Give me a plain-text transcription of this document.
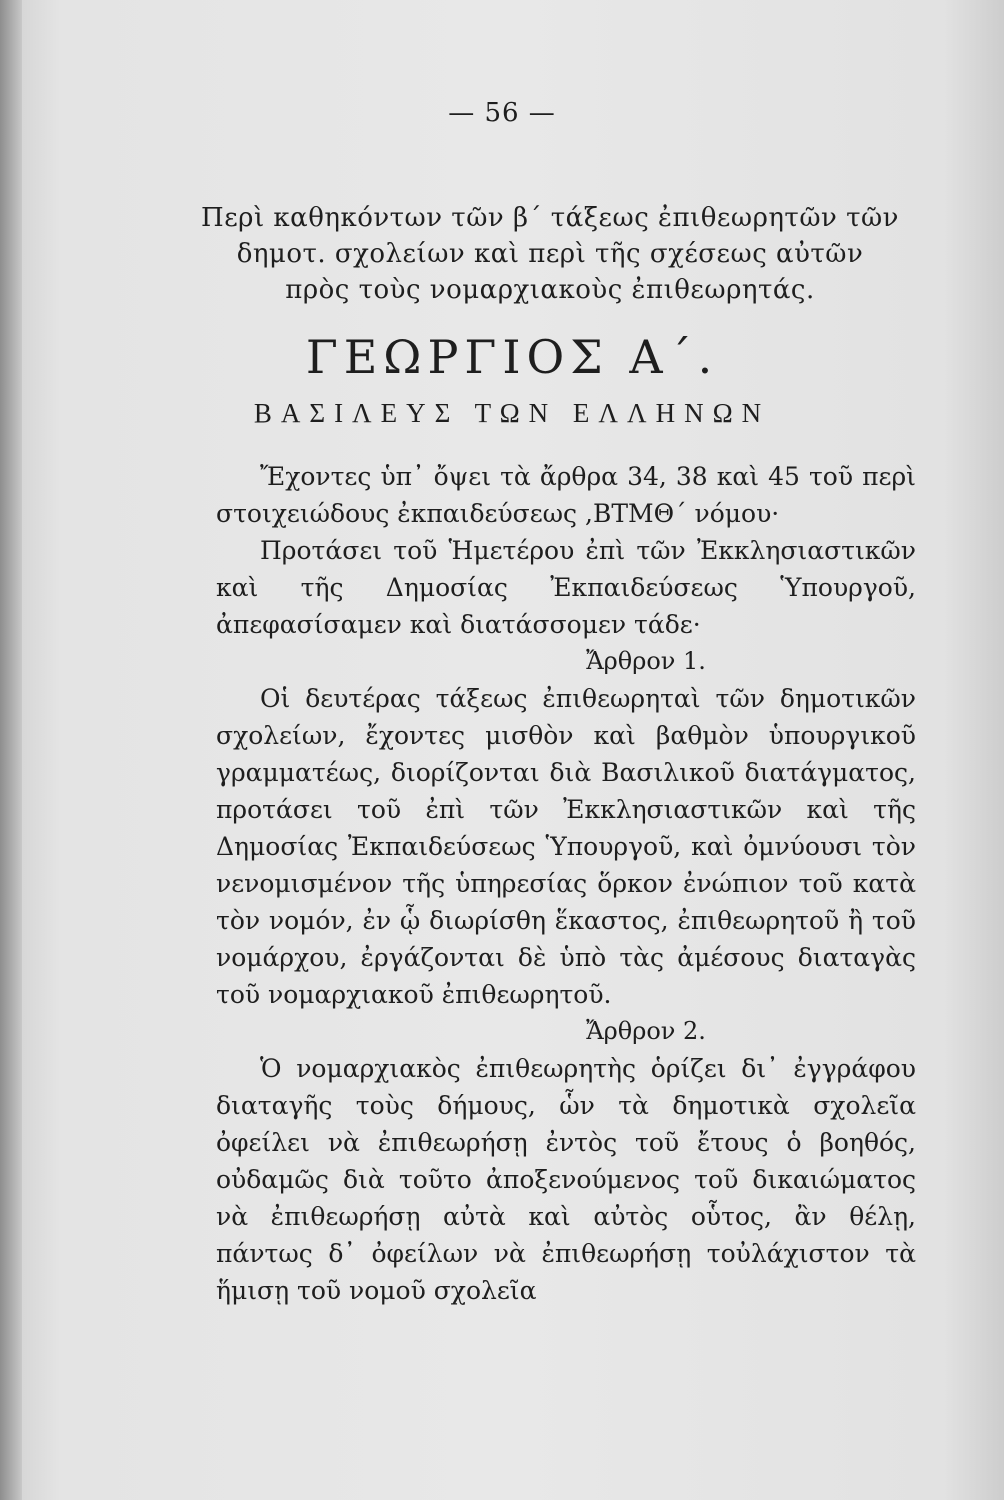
— 56 —
Περὶ καθηκόντων τῶν β΄ τάξεως ἐπιθεωρητῶν τῶν
δημοτ. σχολείων καὶ περὶ τῆς σχέσεως αὐτῶν
πρὸς τοὺς νομαρχιακοὺς ἐπιθεωρητάς.
ΓΕΩΡΓΙΟΣ Α΄.
ΒΑΣΙΛΕΥΣ ΤΩΝ ΕΛΛΗΝΩΝ

Ἔχοντες ὑπ᾽ ὄψει τὰ ἄρθρα 34, 38 καὶ 45 τοῦ περὶ στοιχειώδους ἐκπαιδεύσεως ,ΒΤΜΘ΄ νόμου·

Προτάσει τοῦ Ἡμετέρου ἐπὶ τῶν Ἐκκλησιαστικῶν καὶ τῆς Δημοσίας Ἐκπαιδεύσεως Ὑπουργοῦ, ἀπεφασίσαμεν καὶ διατάσσομεν τάδε·

Ἄρθρον 1.

Οἱ δευτέρας τάξεως ἐπιθεωρηταὶ τῶν δημοτικῶν σχολείων, ἔχοντες μισθὸν καὶ βαθμὸν ὑπουργικοῦ γραμματέως, διορίζονται διὰ Βασιλικοῦ διατάγματος, προτάσει τοῦ ἐπὶ τῶν Ἐκκλησιαστικῶν καὶ τῆς Δημοσίας Ἐκπαιδεύσεως Ὑπουργοῦ, καὶ ὀμνύουσι τὸν νενομισμένον τῆς ὑπηρεσίας ὅρκον ἐνώπιον τοῦ κατὰ τὸν νομόν, ἐν ᾧ διωρίσθη ἕκαστος, ἐπιθεωρητοῦ ἢ τοῦ νομάρχου, ἐργάζονται δὲ ὑπὸ τὰς ἀμέσους διαταγὰς τοῦ νομαρχιακοῦ ἐπιθεωρητοῦ.

Ἄρθρον 2.

Ὁ νομαρχιακὸς ἐπιθεωρητὴς ὁρίζει δι᾽ ἐγγράφου διαταγῆς τοὺς δήμους, ὧν τὰ δημοτικὰ σχολεῖα ὀφείλει νὰ ἐπιθεωρήσῃ ἐντὸς τοῦ ἔτους ὁ βοηθός, οὐδαμῶς διὰ τοῦτο ἀποξενούμενος τοῦ δικαιώματος νὰ ἐπιθεωρήσῃ αὐτὰ καὶ αὐτὸς οὗτος, ἂν θέλῃ, πάντως δ᾽ ὀφείλων νὰ ἐπιθεωρήσῃ τοὐλάχιστον τὰ ἥμισῃ τοῦ νομοῦ σχολεῖα
